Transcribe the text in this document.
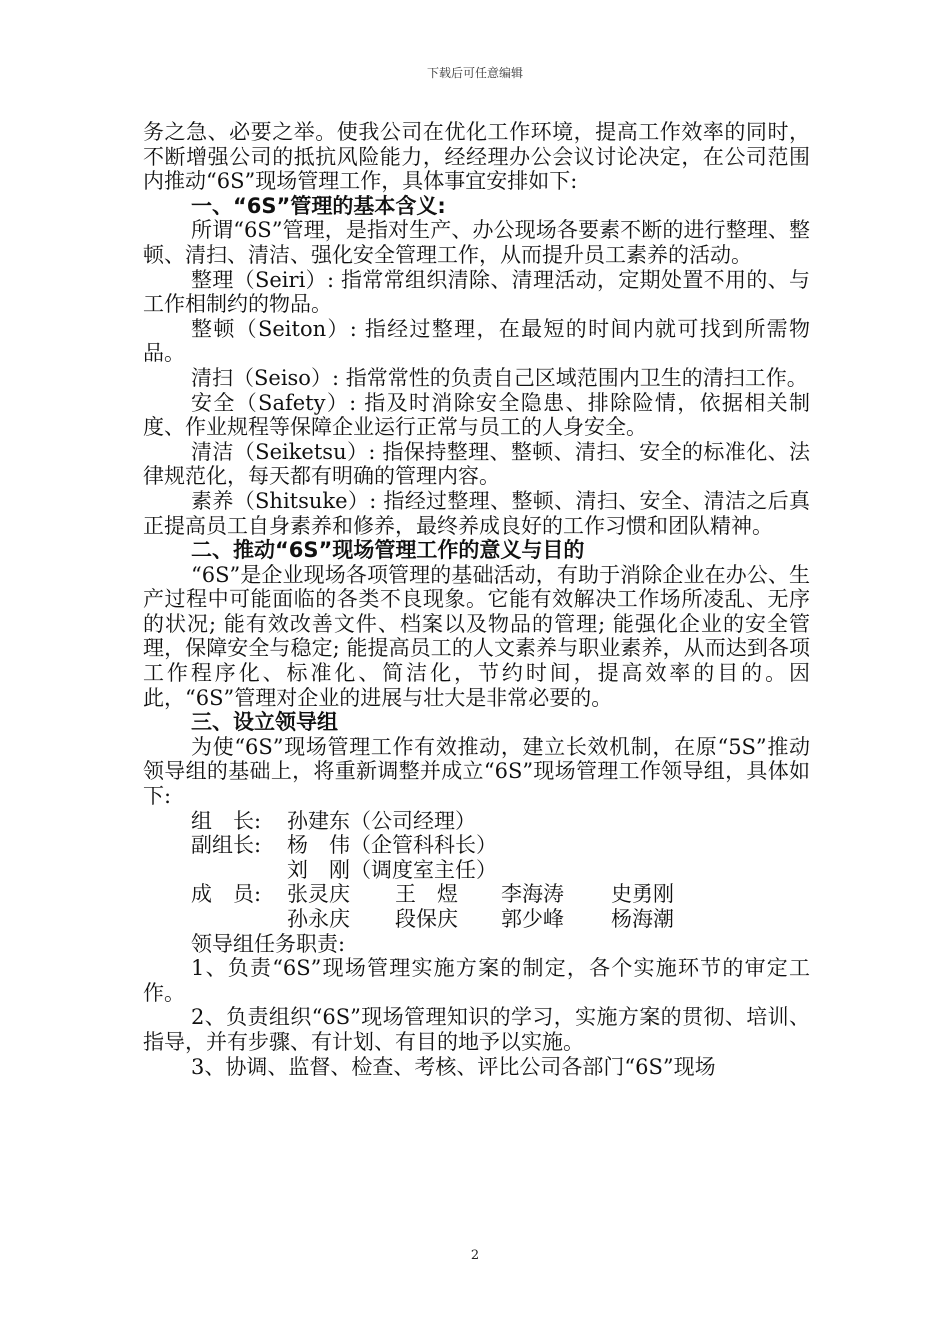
下载后可任意编辑

务之急、必要之举。使我公司在优化工作环境，提高工作效率的同时，不断增强公司的抵抗风险能力，经经理办公会议讨论决定，在公司范围内推动“6S”现场管理工作，具体事宜安排如下:

一、“6S”管理的基本含义:

所谓“6S”管理，是指对生产、办公现场各要素不断的进行整理、整顿、清扫、清洁、强化安全管理工作，从而提升员工素养的活动。

整理（Seiri）: 指常常组织清除、清理活动，定期处置不用的、与工作相制约的物品。

整顿（Seiton）: 指经过整理，在最短的时间内就可找到所需物品。

清扫（Seiso）: 指常常性的负责自己区域范围内卫生的清扫工作。

安全（Safety）: 指及时消除安全隐患、排除险情，依据相关制度、作业规程等保障企业运行正常与员工的人身安全。

清洁（Seiketsu）: 指保持整理、整顿、清扫、安全的标准化、法律规范化，每天都有明确的管理内容。

素养（Shitsuke）: 指经过整理、整顿、清扫、安全、清洁之后真正提高员工自身素养和修养，最终养成良好的工作习惯和团队精神。

二、推动“6S”现场管理工作的意义与目的

“6S”是企业现场各项管理的基础活动，有助于消除企业在办公、生产过程中可能面临的各类不良现象。它能有效解决工作场所凌乱、无序的状况; 能有效改善文件、档案以及物品的管理; 能强化企业的安全管理，保障安全与稳定; 能提高员工的人文素养与职业素养，从而达到各项工作程序化、标准化、简洁化，节约时间，提高效率的目的。因此，“6S”管理对企业的进展与壮大是非常必要的。

三、设立领导组

为使“6S”现场管理工作有效推动，建立长效机制，在原“5S”推动领导组的基础上，将重新调整并成立“6S”现场管理工作领导组，具体如下:

组　长:

孙建东（公司经理）

副组长:

杨　伟（企管科科长）

刘　刚（调度室主任）

成　员:

张灵庆

王　煜

李海涛

史勇刚

孙永庆

段保庆

郭少峰

杨海潮

领导组任务职责:

1、负责“6S”现场管理实施方案的制定，各个实施环节的审定工作。

2、负责组织“6S”现场管理知识的学习，实施方案的贯彻、培训、指导，并有步骤、有计划、有目的地予以实施。

3、协调、监督、检查、考核、评比公司各部门“6S”现场

2
